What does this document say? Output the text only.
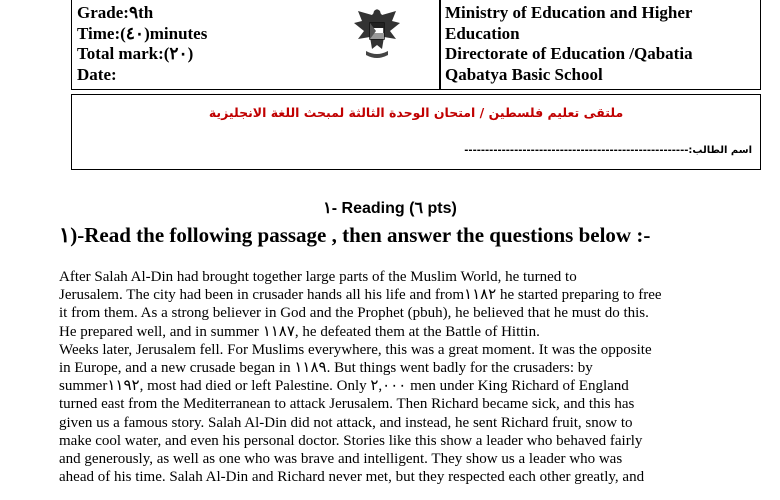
Grade:٩th
Time:(٤٠)minutes
Total mark:(٢٠)
Date:
Ministry of Education and Higher
Education
Directorate of Education /Qabatia
Qabatya Basic School
ملتقى تعليم فلسطين / امتحان الوحدة الثالثة لمبحث اللغة الانجليزية
اسم الطالب:------------------------------------------------------
١- Reading (٦ pts)
١)-Read the following passage , then answer the questions below :-
After Salah Al-Din had brought together large parts of the Muslim World, he turned to
Jerusalem. The city had been in crusader hands all his life and from١١٨٢ he started preparing to free
it from them. As a strong believer in God and the Prophet (pbuh), he believed that he must do this.
He prepared well, and in summer ١١٨٧, he defeated them at the Battle of Hittin.
Weeks later, Jerusalem fell. For Muslims everywhere, this was a great moment. It was the opposite
in Europe, and a new crusade began in ١١٨٩. But things went badly for the crusaders: by
summer١١٩٢, most had died or left Palestine. Only ٢,٠٠٠ men under King Richard of England
turned east from the Mediterranean to attack Jerusalem. Then Richard became sick, and this has
given us a famous story. Salah Al-Din did not attack, and instead, he sent Richard fruit, snow to
make cool water, and even his personal doctor. Stories like this show a leader who behaved fairly
and generously, as well as one who was brave and intelligent. They show us a leader who was
ahead of his time. Salah Al-Din and Richard never met, but they respected each other greatly, and
